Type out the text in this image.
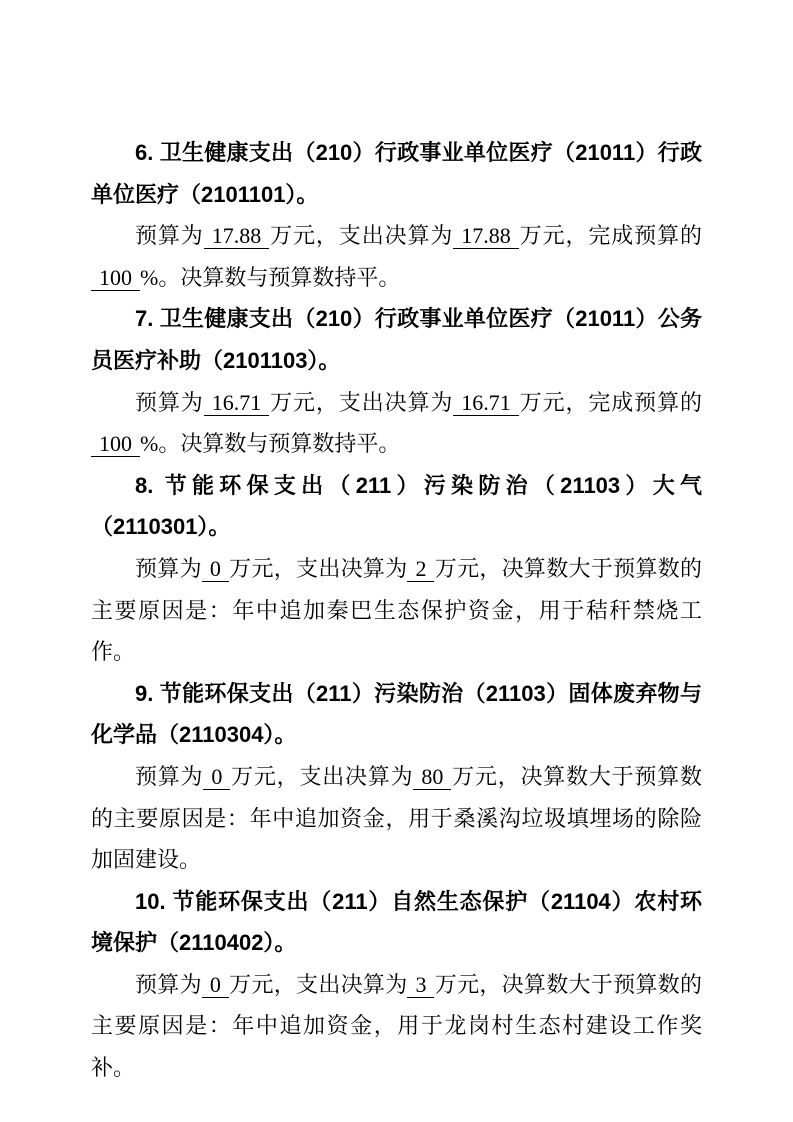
6. 卫生健康支出（210）行政事业单位医疗（21011）行政单位医疗（2101101）。

预算为 17.88 万元，支出决算为 17.88 万元，完成预算的100 %。决算数与预算数持平。

7. 卫生健康支出（210）行政事业单位医疗（21011）公务员医疗补助（2101103）。

预算为 16.71 万元，支出决算为 16.71 万元，完成预算的100 %。决算数与预算数持平。

8. 节能环保支出（211）污染防治（21103）大气（2110301）。

预算为 0 万元，支出决算为 2 万元，决算数大于预算数的主要原因是：年中追加秦巴生态保护资金，用于秸秆禁烧工作。

9. 节能环保支出（211）污染防治（21103）固体废弃物与化学品（2110304）。

预算为 0 万元，支出决算为 80 万元，决算数大于预算数的主要原因是：年中追加资金，用于桑溪沟垃圾填埋场的除险加固建设。

10. 节能环保支出（211）自然生态保护（21104）农村环境保护（2110402）。

预算为 0 万元，支出决算为 3 万元，决算数大于预算数的主要原因是：年中追加资金，用于龙岗村生态村建设工作奖补。
